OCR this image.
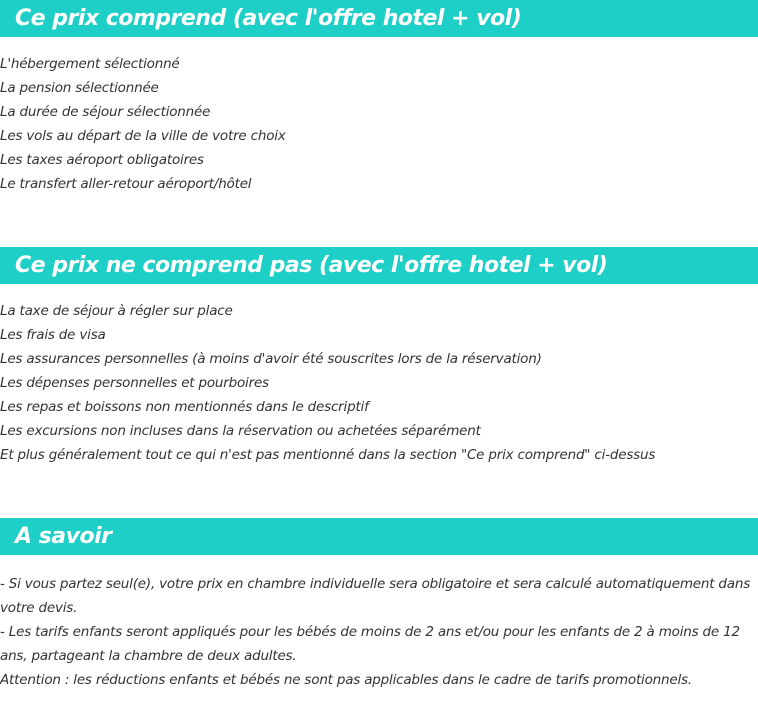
Ce prix comprend (avec l'offre hotel + vol)
L'hébergement sélectionné
La pension sélectionnée
La durée de séjour sélectionnée
Les vols au départ de la ville de votre choix
Les taxes aéroport obligatoires
Le transfert aller-retour aéroport/hôtel
Ce prix ne comprend pas (avec l'offre hotel + vol)
La taxe de séjour à régler sur place
Les frais de visa
Les assurances personnelles (à moins d'avoir été souscrites lors de la réservation)
Les dépenses personnelles et pourboires
Les repas et boissons non mentionnés dans le descriptif
Les excursions non incluses dans la réservation ou achetées séparément
Et plus généralement tout ce qui n'est pas mentionné dans la section "Ce prix comprend" ci-dessus
A savoir

- Si vous partez seul(e), votre prix en chambre individuelle sera obligatoire et sera calculé automatiquement dans votre devis.

- Les tarifs enfants seront appliqués pour les bébés de moins de 2 ans et/ou pour les enfants de 2 à moins de 12 ans, partageant la chambre de deux adultes.

Attention : les réductions enfants et bébés ne sont pas applicables dans le cadre de tarifs promotionnels.
